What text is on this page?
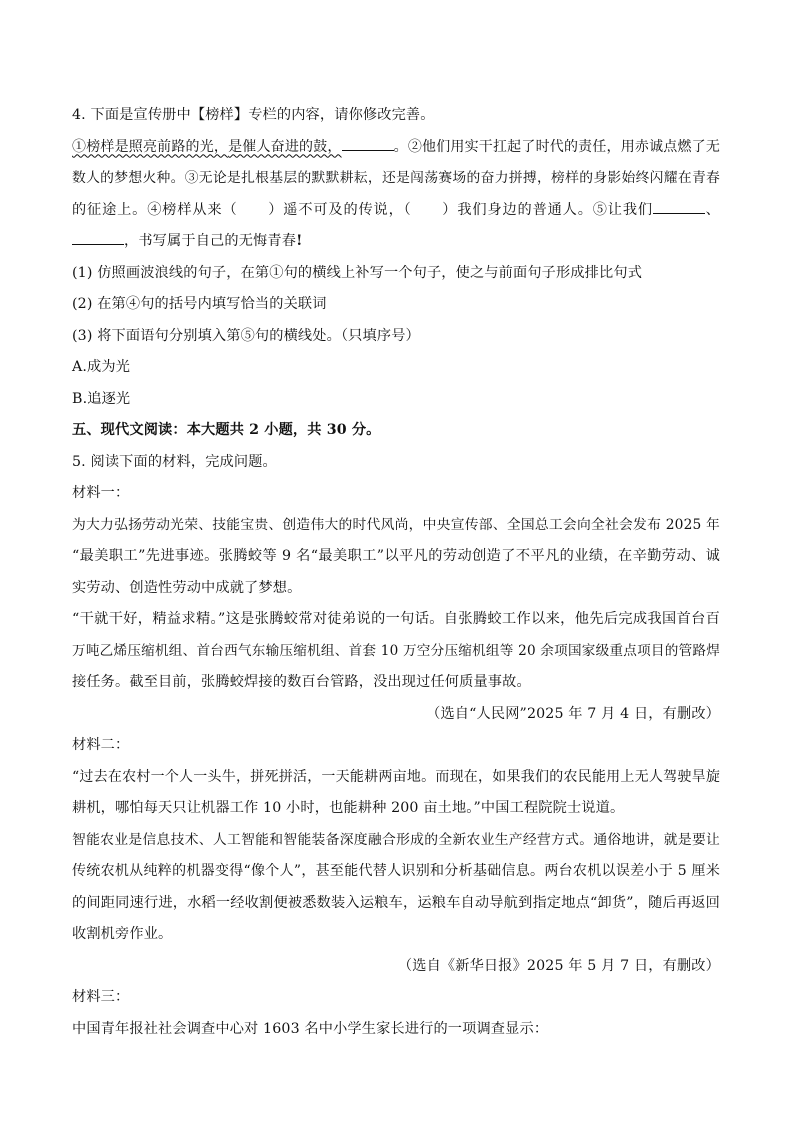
4. 下面是宣传册中【榜样】专栏的内容，请你修改完善。
①榜样是照亮前路的光，是催人奋进的鼓，	。②他们用实干扛起了时代的责任，用赤诚点燃了无
数人的梦想火种。③无论是扎根基层的默默耕耘，还是闯荡赛场的奋力拼搏，榜样的身影始终闪耀在青春
的征途上。④榜样从来（ ）遥不可及的传说，（ ）我们身边的普通人。⑤让我们	、
，书写属于自己的无悔青春!
(1) 仿照画波浪线的句子，在第①句的横线上补写一个句子，使之与前面句子形成排比句式
(2) 在第④句的括号内填写恰当的关联词
(3) 将下面语句分别填入第⑤句的横线处。（只填序号）
A.成为光
B.追逐光
五、现代文阅读：本大题共 2 小题，共 30 分。
5. 阅读下面的材料，完成问题。
材料一：
为大力弘扬劳动光荣、技能宝贵、创造伟大的时代风尚，中央宣传部、全国总工会向全社会发布 2025 年
“最美职工”先进事迹。张腾蛟等 9 名“最美职工”以平凡的劳动创造了不平凡的业绩，在辛勤劳动、诚
实劳动、创造性劳动中成就了梦想。
“干就干好，精益求精。”这是张腾蛟常对徒弟说的一句话。自张腾蛟工作以来，他先后完成我国首台百
万吨乙烯压缩机组、首台西气东输压缩机组、首套 10 万空分压缩机组等 20 余项国家级重点项目的管路焊
接任务。截至目前，张腾蛟焊接的数百台管路，没出现过任何质量事故。
（选自“人民网”2025 年 7 月 4 日，有删改）
材料二：
“过去在农村一个人一头牛，拼死拼活，一天能耕两亩地。而现在，如果我们的农民能用上无人驾驶旱旋
耕机，哪怕每天只让机器工作 10 小时，也能耕种 200 亩土地。”中国工程院院士说道。
智能农业是信息技术、人工智能和智能装备深度融合形成的全新农业生产经营方式。通俗地讲，就是要让
传统农机从纯粹的机器变得“像个人”，甚至能代替人识别和分析基础信息。两台农机以误差小于 5 厘米
的间距同速行进，水稻一经收割便被悉数装入运粮车，运粮车自动导航到指定地点“卸货”，随后再返回
收割机旁作业。
（选自《新华日报》2025 年 5 月 7 日，有删改）
材料三：
中国青年报社社会调查中心对 1603 名中小学生家长进行的一项调查显示：
